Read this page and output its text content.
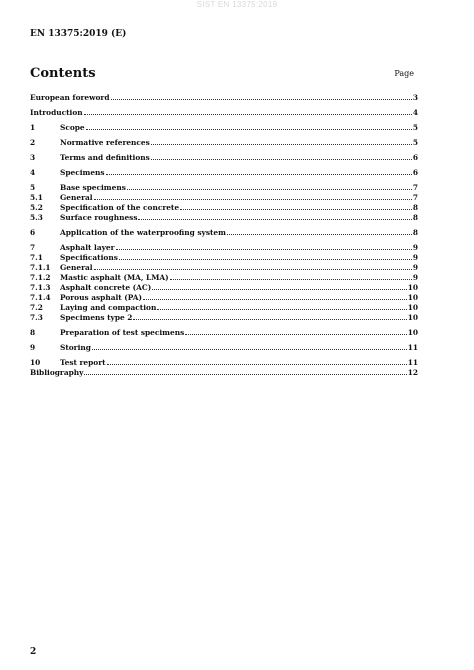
SIST EN 13375:2019
EN 13375:2019 (E)
Contents	Page
European foreword	3
Introduction	4
1	Scope	5
2	Normative references	5
3	Terms and definitions	6
4	Specimens	6
5	Base specimens	7
5.1	General	7
5.2	Specification of the concrete	8
5.3	Surface roughness	8
6	Application of the waterproofing system	8
7	Asphalt layer	9
7.1	Specifications	9
7.1.1	General	9
7.1.2	Mastic asphalt (MA, LMA)	9
7.1.3	Asphalt concrete (AC)	10
7.1.4	Porous asphalt (PA)	10
7.2	Laying and compaction	10
7.3	Specimens type 2	10
8	Preparation of test specimens	10
9	Storing	11
10	Test report	11
Bibliography	12
2
